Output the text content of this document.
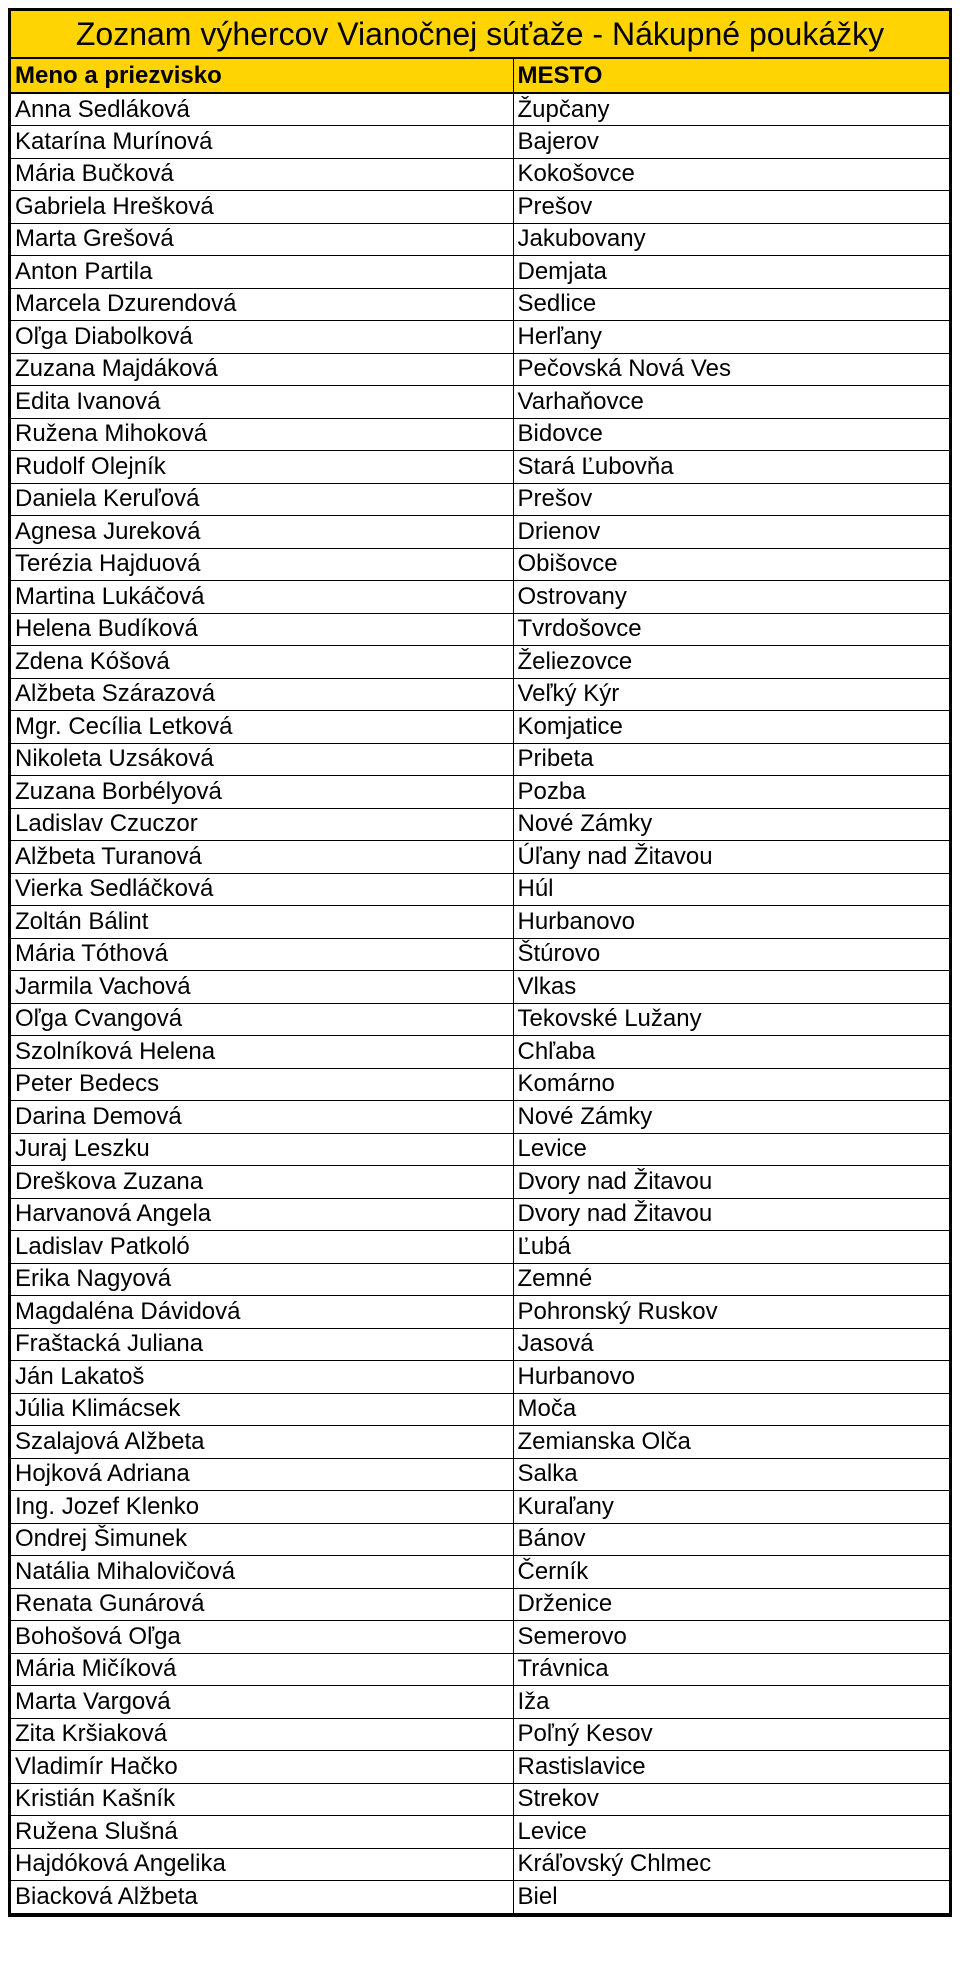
Zoznam výhercov Vianočnej súťaže - Nákupné poukážky
Meno a priezvisko	MESTO
Anna Sedláková	Župčany
Katarína Murínová	Bajerov
Mária Bučková	Kokošovce
Gabriela Hrešková	Prešov
Marta Grešová	Jakubovany
Anton Partila	Demjata
Marcela Dzurendová	Sedlice
Oľga Diabolková	Herľany
Zuzana Majdáková	Pečovská Nová Ves
Edita Ivanová	Varhaňovce
Ružena Mihoková	Bidovce
Rudolf Olejník	Stará Ľubovňa
Daniela Keruľová	Prešov
Agnesa Jureková	Drienov
Terézia Hajduová	Obišovce
Martina Lukáčová	Ostrovany
Helena Budíková	Tvrdošovce
Zdena Kóšová	Želiezovce
Alžbeta Szárazová	Veľký Kýr
Mgr. Cecília Letková	Komjatice
Nikoleta Uzsáková	Pribeta
Zuzana Borbélyová	Pozba
Ladislav Czuczor	Nové Zámky
Alžbeta Turanová	Úľany nad Žitavou
Vierka Sedláčková	Húl
Zoltán Bálint	Hurbanovo
Mária Tóthová	Štúrovo
Jarmila Vachová	Vlkas
Oľga Cvangová	Tekovské Lužany
Szolníková Helena	Chľaba
Peter Bedecs	Komárno
Darina Demová	Nové Zámky
Juraj Leszku	Levice
Dreškova Zuzana	Dvory nad Žitavou
Harvanová Angela	Dvory nad Žitavou
Ladislav Patkoló	Ľubá
Erika Nagyová	Zemné
Magdaléna Dávidová	Pohronský Ruskov
Fraštacká Juliana	Jasová
Ján Lakatoš	Hurbanovo
Júlia Klimácsek	Moča
Szalajová Alžbeta	Zemianska Olča
Hojková Adriana	Salka
Ing. Jozef Klenko	Kuraľany
Ondrej Šimunek	Bánov
Natália Mihalovičová	Černík
Renata Gunárová	Drženice
Bohošová Oľga	Semerovo
Mária Mičíková	Trávnica
Marta Vargová	Iža
Zita Kršiaková	Poľný Kesov
Vladimír Hačko	Rastislavice
Kristián Kašník	Strekov
Ružena Slušná	Levice
Hajdóková Angelika	Kráľovský Chlmec
Biacková Alžbeta	Biel
